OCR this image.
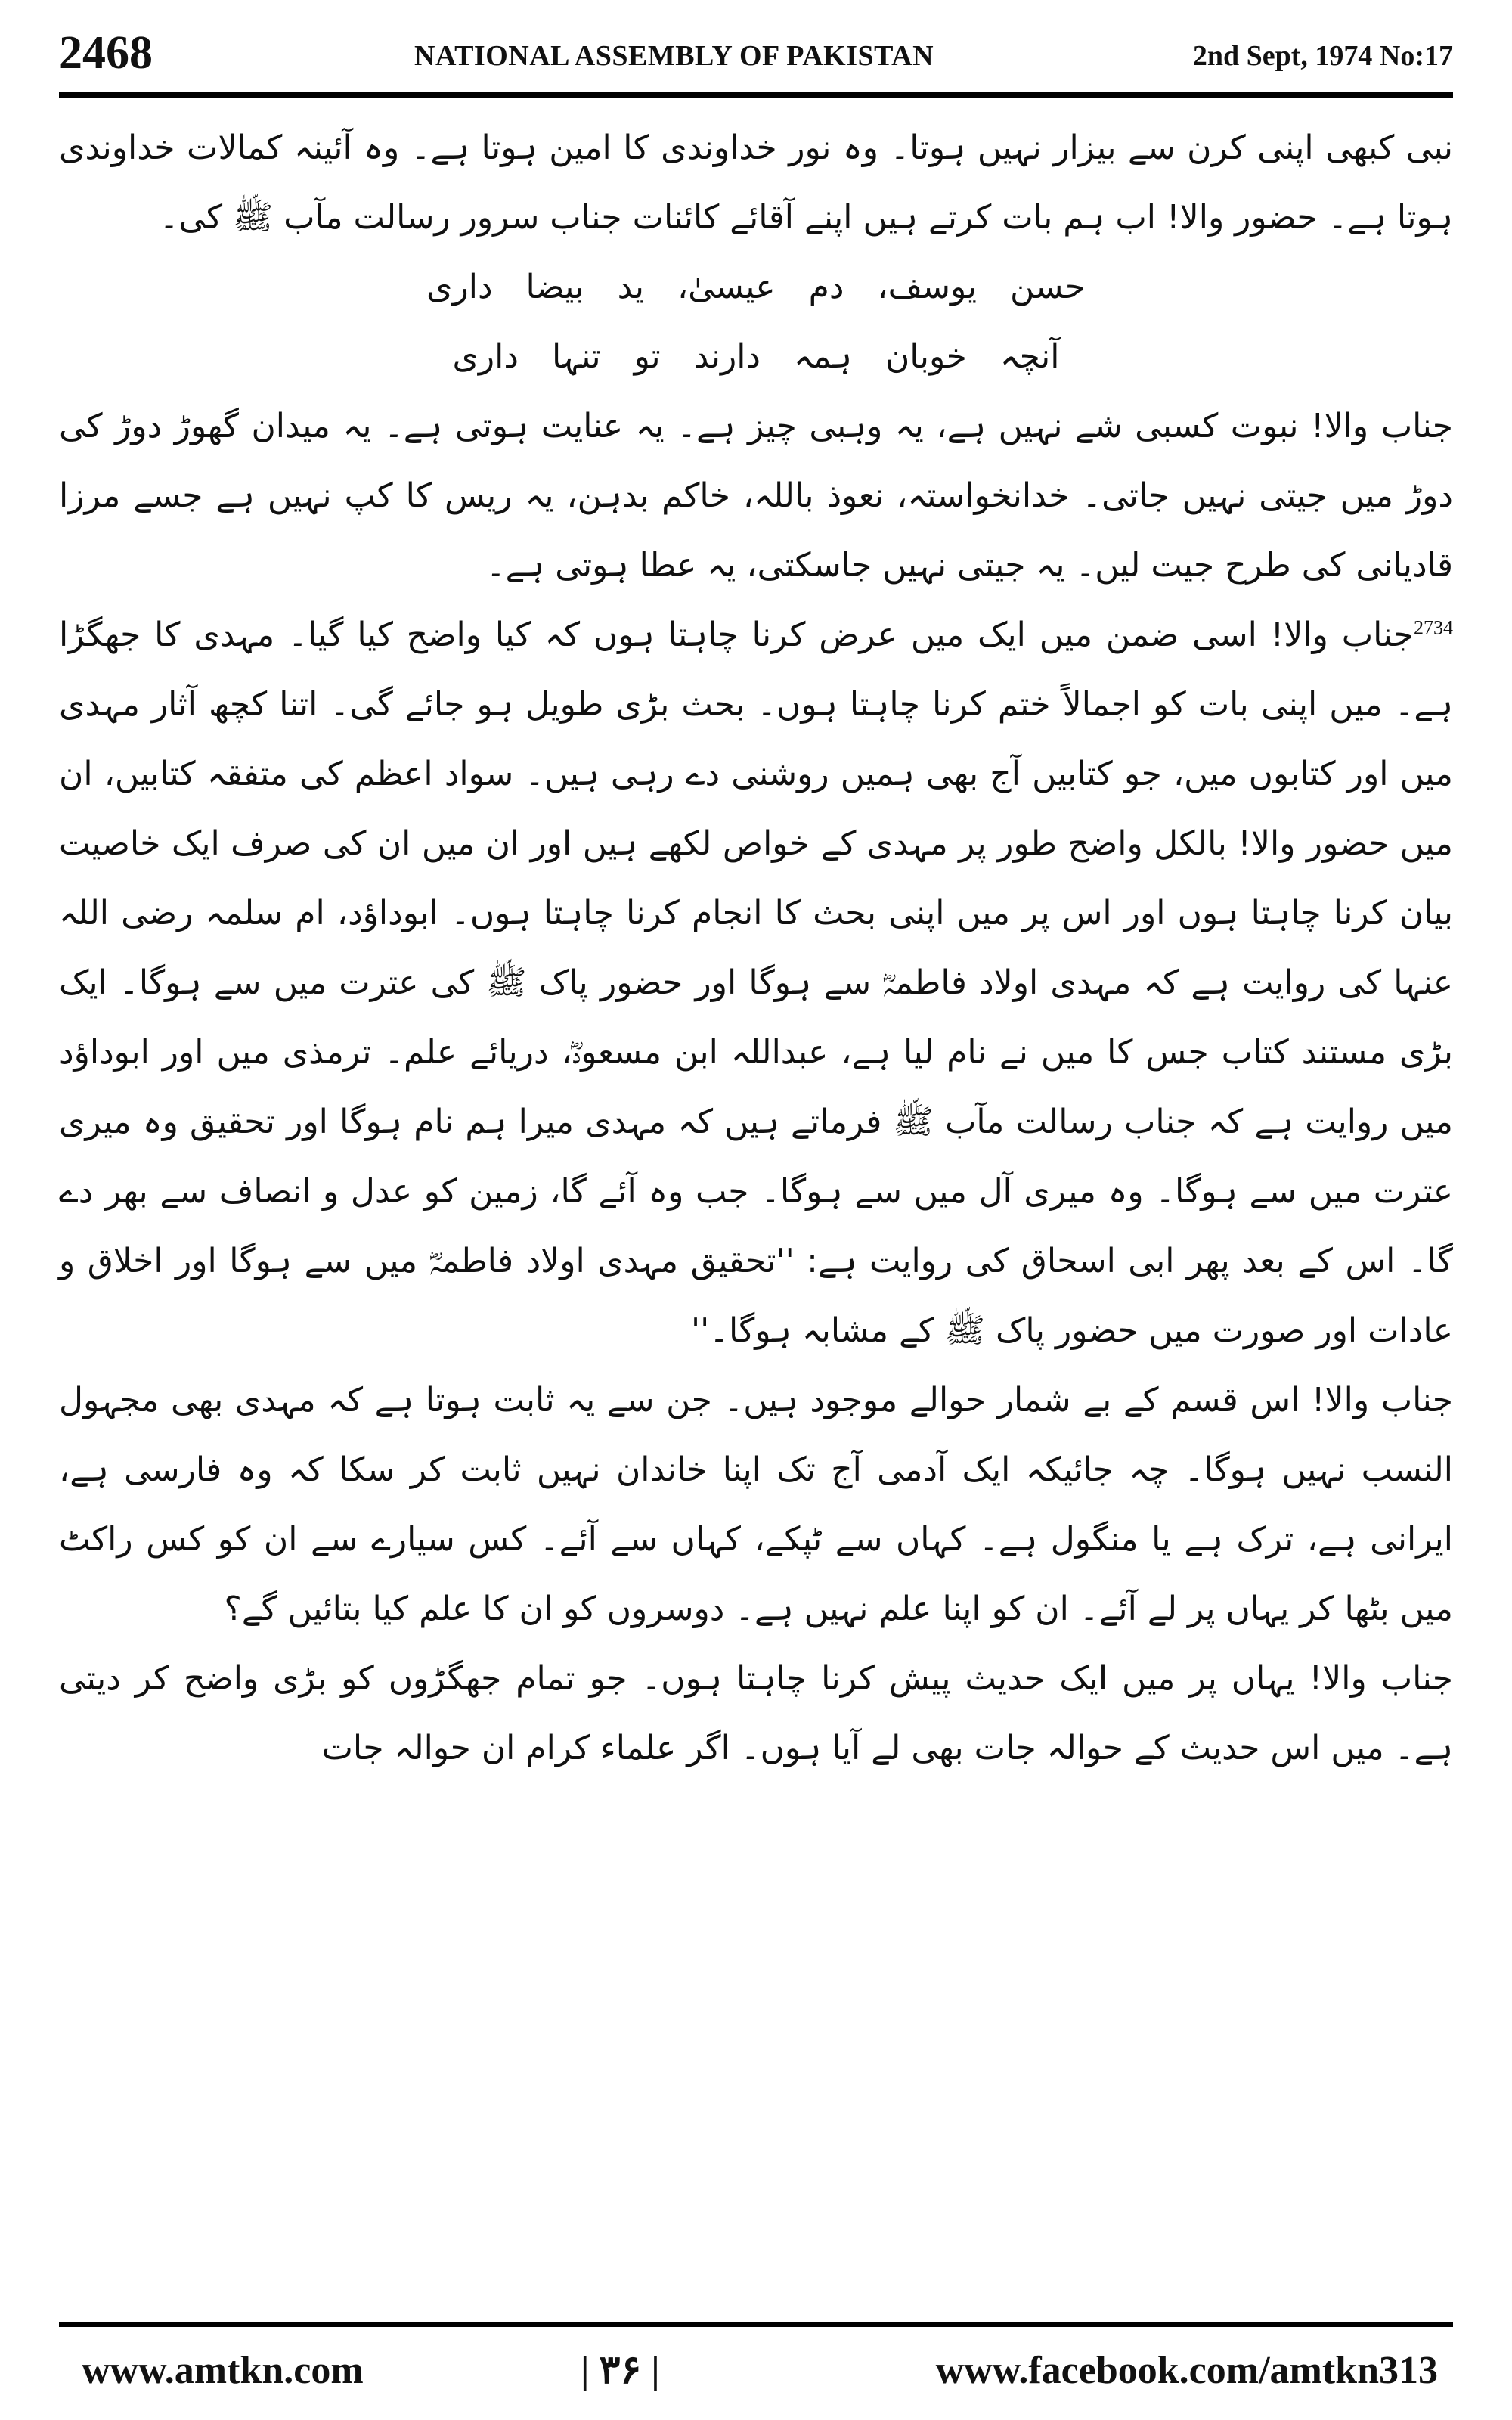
2468	NATIONAL ASSEMBLY OF PAKISTAN	2nd Sept, 1974 No:17

نبی کبھی اپنی کرن سے بیزار نہیں ہوتا۔ وہ نور خداوندی کا امین ہوتا ہے۔ وہ آئینہ کمالات خداوندی ہوتا ہے۔ حضور والا! اب ہم بات کرتے ہیں اپنے آقائے کائنات جناب سرور رسالت مآب ﷺ کی۔

حسن یوسف، دم عیسیٰ، ید بیضا داری

آنچہ خوبان ہمہ دارند تو تنہا داری

جناب والا! نبوت کسبی شے نہیں ہے، یہ وہبی چیز ہے۔ یہ عنایت ہوتی ہے۔ یہ میدان گھوڑ دوڑ کی دوڑ میں جیتی نہیں جاتی۔ خدانخواستہ، نعوذ باللہ، خاکم بدہن، یہ ریس کا کپ نہیں ہے جسے مرزا قادیانی کی طرح جیت لیں۔ یہ جیتی نہیں جاسکتی، یہ عطا ہوتی ہے۔

$^{2734}$جناب والا! اسی ضمن میں ایک میں عرض کرنا چاہتا ہوں کہ کیا واضح کیا گیا۔ مہدی کا جھگڑا ہے۔ میں اپنی بات کو اجمالاً ختم کرنا چاہتا ہوں۔ بحث بڑی طویل ہو جائے گی۔ اتنا کچھ آثار مہدی میں اور کتابوں میں، جو کتابیں آج بھی ہمیں روشنی دے رہی ہیں۔ سواد اعظم کی متفقہ کتابیں، ان میں حضور والا! بالکل واضح طور پر مہدی کے خواص لکھے ہیں اور ان میں ان کی صرف ایک خاصیت بیان کرنا چاہتا ہوں اور اس پر میں اپنی بحث کا انجام کرنا چاہتا ہوں۔ ابوداؤد، ام سلمہ رضی اللہ عنہا کی روایت ہے کہ مہدی اولاد فاطمہؓ سے ہوگا اور حضور پاک ﷺ کی عترت میں سے ہوگا۔ ایک بڑی مستند کتاب جس کا میں نے نام لیا ہے، عبداللہ ابن مسعودؓ، دریائے علم۔ ترمذی میں اور ابوداؤد میں روایت ہے کہ جناب رسالت مآب ﷺ فرماتے ہیں کہ مہدی میرا ہم نام ہوگا اور تحقیق وہ میری عترت میں سے ہوگا۔ وہ میری آل میں سے ہوگا۔ جب وہ آئے گا، زمین کو عدل و انصاف سے بھر دے گا۔ اس کے بعد پھر ابی اسحاق کی روایت ہے: ''تحقیق مہدی اولاد فاطمہؓ میں سے ہوگا اور اخلاق و عادات اور صورت میں حضور پاک ﷺ کے مشابہ ہوگا۔''

جناب والا! اس قسم کے بے شمار حوالے موجود ہیں۔ جن سے یہ ثابت ہوتا ہے کہ مہدی بھی مجہول النسب نہیں ہوگا۔ چہ جائیکہ ایک آدمی آج تک اپنا خاندان نہیں ثابت کر سکا کہ وہ فارسی ہے، ایرانی ہے، ترک ہے یا منگول ہے۔ کہاں سے ٹپکے، کہاں سے آئے۔ کس سیارے سے ان کو کس راکٹ میں بٹھا کر یہاں پر لے آئے۔ ان کو اپنا علم نہیں ہے۔ دوسروں کو ان کا علم کیا بتائیں گے؟

جناب والا! یہاں پر میں ایک حدیث پیش کرنا چاہتا ہوں۔ جو تمام جھگڑوں کو بڑی واضح کر دیتی ہے۔ میں اس حدیث کے حوالہ جات بھی لے آیا ہوں۔ اگر علماء کرام ان حوالہ جات

www.amtkn.com	| ۳۶ |	www.facebook.com/amtkn313
